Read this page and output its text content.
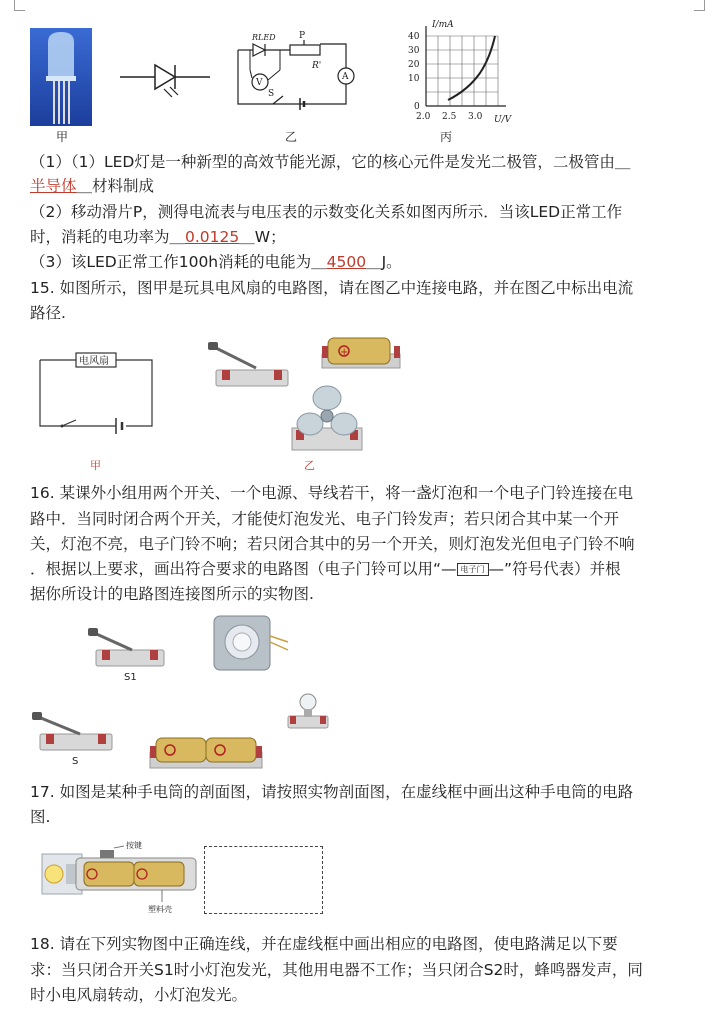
甲
RLED	P
R'
V
A
S
乙
I/mA
40
30
20
10
0
2.0 2.5 3.0 U/V
丙
（1）（1）LED灯是一种新型的高效节能光源，它的核心元件是发光二极管，二极管由＿
半导体＿材料制成
（2）移动滑片P，测得电流表与电压表的示数变化关系如图丙所示．当该LED正常工作
时，消耗的电功率为＿0.0125＿W；
（3）该LED正常工作100h消耗的电能为＿4500＿J。
15. 如图所示，图甲是玩具电风扇的电路图，请在图乙中连接电路，并在图乙中标出电流
路径.
电风扇
甲
+
乙
16. 某课外小组用两个开关、一个电源、导线若干，将一盏灯泡和一个电子门铃连接在电
路中．当同时闭合两个开关，才能使灯泡发光、电子门铃发声；若只闭合其中某一个开
关，灯泡不亮，电子门铃不响；若只闭合其中的另一个开关，则灯泡发光但电子门铃不响
．根据以上要求，画出符合要求的电路图（电子门铃可以用“— 电子门 —”符号代表）并根
据你所设计的电路图连接图所示的实物图.
S1
S
17. 如图是某种手电筒的剖面图，请按照实物剖面图，在虚线框中画出这种手电筒的电路
图.
按键
塑料壳
18. 请在下列实物图中正确连线，并在虚线框中画出相应的电路图，使电路满足以下要
求：当只闭合开关S1时小灯泡发光，其他用电器不工作；当只闭合S2时，蜂鸣器发声，同
时小电风扇转动，小灯泡发光。
